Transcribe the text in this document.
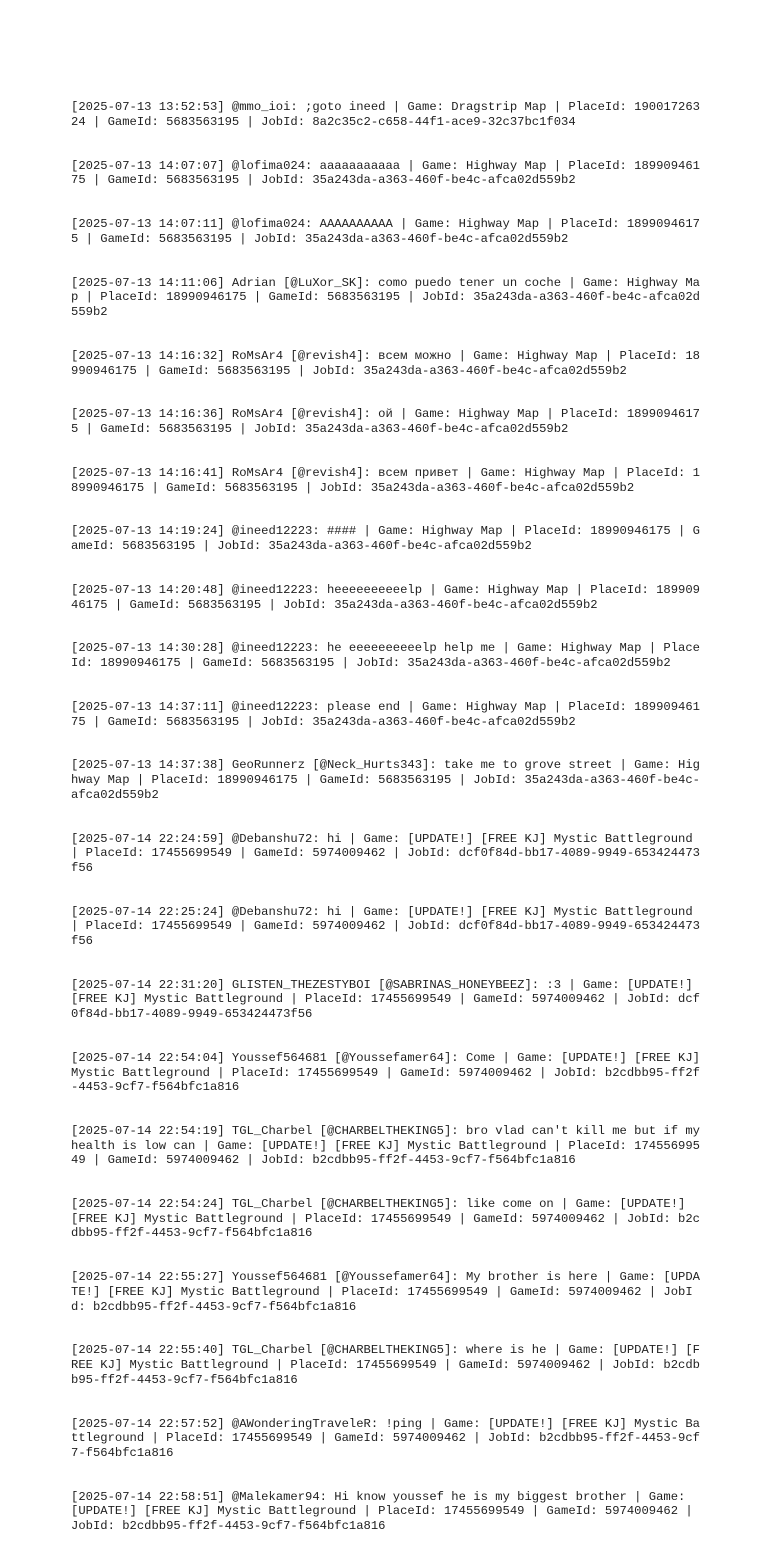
[2025-07-13 13:52:53] @mmo_ioi: ;goto ineed | Game: Dragstrip Map | PlaceId: 19001726324 | GameId: 5683563195 | JobId: 8a2c35c2-c658-44f1-ace9-32c37bc1f034

[2025-07-13 14:07:07] @lofima024: aaaaaaaaaaa | Game: Highway Map | PlaceId: 18990946175 | GameId: 5683563195 | JobId: 35a243da-a363-460f-be4c-afca02d559b2

[2025-07-13 14:07:11] @lofima024: AAAAAAAAAA | Game: Highway Map | PlaceId: 18990946175 | GameId: 5683563195 | JobId: 35a243da-a363-460f-be4c-afca02d559b2

[2025-07-13 14:11:06] Adrian [@LuXor_SK]: como puedo tener un coche | Game: Highway Map | PlaceId: 18990946175 | GameId: 5683563195 | JobId: 35a243da-a363-460f-be4c-afca02d559b2

[2025-07-13 14:16:32] RoMsAr4 [@revish4]: всем можно | Game: Highway Map | PlaceId: 18990946175 | GameId: 5683563195 | JobId: 35a243da-a363-460f-be4c-afca02d559b2

[2025-07-13 14:16:36] RoMsAr4 [@revish4]: ой | Game: Highway Map | PlaceId: 18990946175 | GameId: 5683563195 | JobId: 35a243da-a363-460f-be4c-afca02d559b2

[2025-07-13 14:16:41] RoMsAr4 [@revish4]: всем привет | Game: Highway Map | PlaceId: 18990946175 | GameId: 5683563195 | JobId: 35a243da-a363-460f-be4c-afca02d559b2

[2025-07-13 14:19:24] @ineed12223: #### | Game: Highway Map | PlaceId: 18990946175 | GameId: 5683563195 | JobId: 35a243da-a363-460f-be4c-afca02d559b2

[2025-07-13 14:20:48] @ineed12223: heeeeeeeeeelp | Game: Highway Map | PlaceId: 18990946175 | GameId: 5683563195 | JobId: 35a243da-a363-460f-be4c-afca02d559b2

[2025-07-13 14:30:28] @ineed12223: he eeeeeeeeeelp help me | Game: Highway Map | PlaceId: 18990946175 | GameId: 5683563195 | JobId: 35a243da-a363-460f-be4c-afca02d559b2

[2025-07-13 14:37:11] @ineed12223: please end | Game: Highway Map | PlaceId: 18990946175 | GameId: 5683563195 | JobId: 35a243da-a363-460f-be4c-afca02d559b2

[2025-07-13 14:37:38] GeoRunnerz [@Neck_Hurts343]: take me to grove street | Game: Highway Map | PlaceId: 18990946175 | GameId: 5683563195 | JobId: 35a243da-a363-460f-be4c-afca02d559b2

[2025-07-14 22:24:59] @Debanshu72: hi | Game: [UPDATE!] [FREE KJ] Mystic Battleground | PlaceId: 17455699549 | GameId: 5974009462 | JobId: dcf0f84d-bb17-4089-9949-653424473f56

[2025-07-14 22:25:24] @Debanshu72: hi | Game: [UPDATE!] [FREE KJ] Mystic Battleground | PlaceId: 17455699549 | GameId: 5974009462 | JobId: dcf0f84d-bb17-4089-9949-653424473f56

[2025-07-14 22:31:20] GLISTEN_THEZESTYBOI [@SABRINAS_HONEYBEEZ]: :3 | Game: [UPDATE!] [FREE KJ] Mystic Battleground | PlaceId: 17455699549 | GameId: 5974009462 | JobId: dcf0f84d-bb17-4089-9949-653424473f56

[2025-07-14 22:54:04] Youssef564681 [@Youssefamer64]: Come | Game: [UPDATE!] [FREE KJ] Mystic Battleground | PlaceId: 17455699549 | GameId: 5974009462 | JobId: b2cdbb95-ff2f-4453-9cf7-f564bfc1a816

[2025-07-14 22:54:19] TGL_Charbel [@CHARBELTHEKING5]: bro vlad can't kill me but if my health is low can | Game: [UPDATE!] [FREE KJ] Mystic Battleground | PlaceId: 17455699549 | GameId: 5974009462 | JobId: b2cdbb95-ff2f-4453-9cf7-f564bfc1a816

[2025-07-14 22:54:24] TGL_Charbel [@CHARBELTHEKING5]: like come on | Game: [UPDATE!] [FREE KJ] Mystic Battleground | PlaceId: 17455699549 | GameId: 5974009462 | JobId: b2cdbb95-ff2f-4453-9cf7-f564bfc1a816

[2025-07-14 22:55:27] Youssef564681 [@Youssefamer64]: My brother is here | Game: [UPDATE!] [FREE KJ] Mystic Battleground | PlaceId: 17455699549 | GameId: 5974009462 | JobId: b2cdbb95-ff2f-4453-9cf7-f564bfc1a816

[2025-07-14 22:55:40] TGL_Charbel [@CHARBELTHEKING5]: where is he | Game: [UPDATE!] [FREE KJ] Mystic Battleground | PlaceId: 17455699549 | GameId: 5974009462 | JobId: b2cdbb95-ff2f-4453-9cf7-f564bfc1a816

[2025-07-14 22:57:52] @AWonderingTraveleR: !ping | Game: [UPDATE!] [FREE KJ] Mystic Battleground | PlaceId: 17455699549 | GameId: 5974009462 | JobId: b2cdbb95-ff2f-4453-9cf7-f564bfc1a816

[2025-07-14 22:58:51] @Malekamer94: Hi know youssef he is my biggest brother | Game: [UPDATE!] [FREE KJ] Mystic Battleground | PlaceId: 17455699549 | GameId: 5974009462 | JobId: b2cdbb95-ff2f-4453-9cf7-f564bfc1a816
